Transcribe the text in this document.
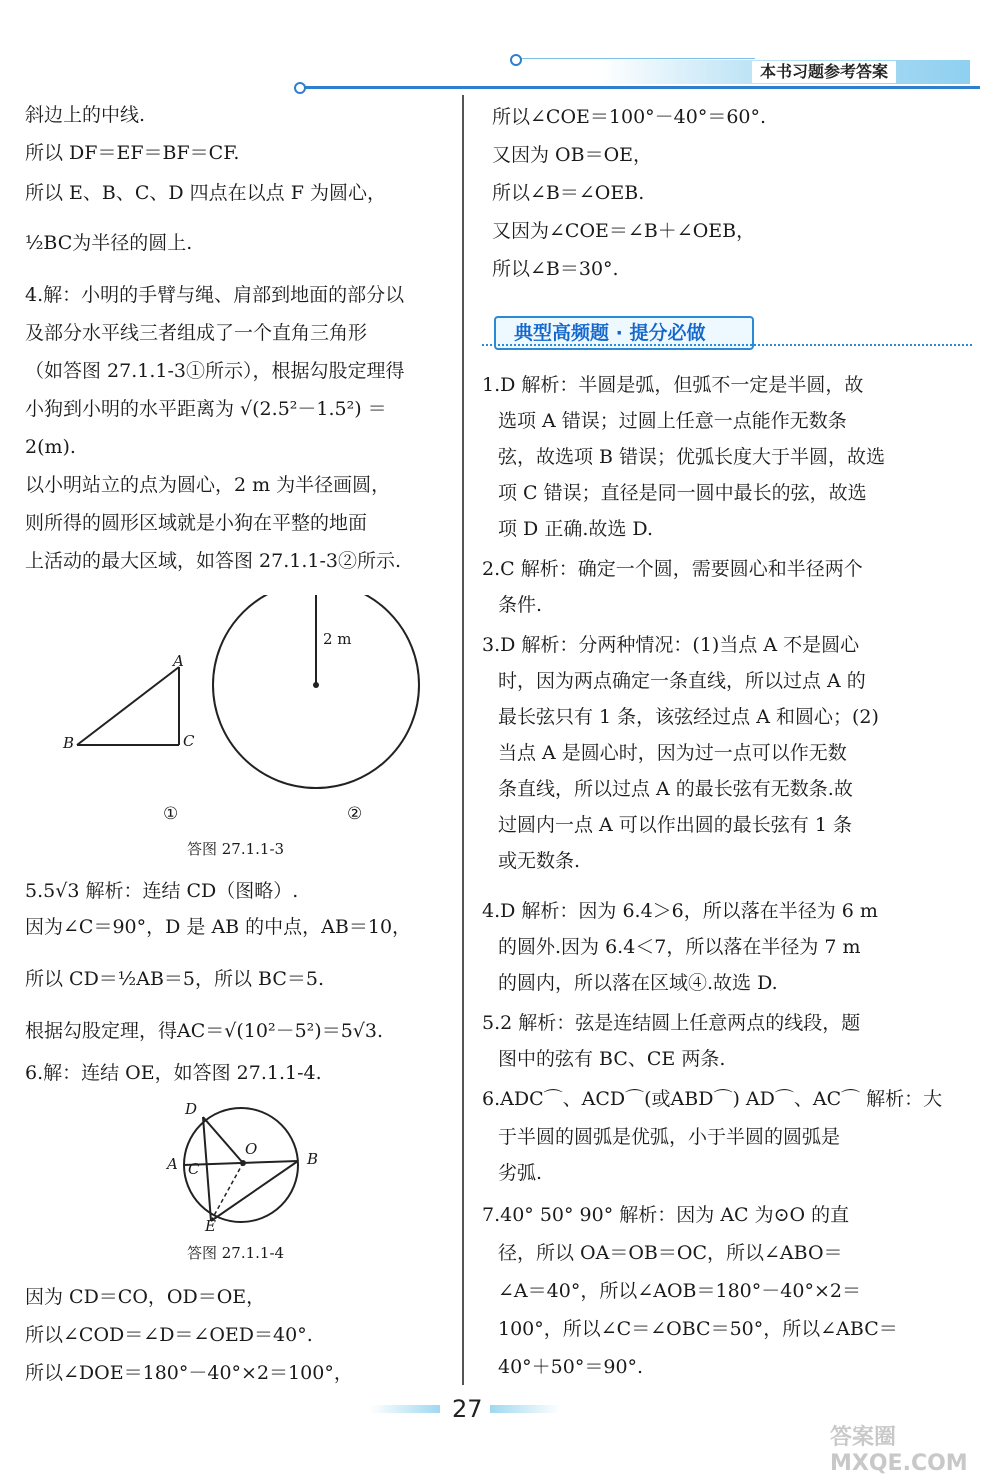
本书习题参考答案
斜边上的中线.
所以 DF＝EF＝BF＝CF.
所以 E、B、C、D 四点在以点 F 为圆心，
½BC为半径的圆上.
4.解：小明的手臂与绳、肩部到地面的部分以
及部分水平线三者组成了一个直角三角形
（如答图 27.1.1-3①所示），根据勾股定理得
小狗到小明的水平距离为 √(2.5²－1.5²) ＝
2(m).
以小明站立的点为圆心，2 m 为半径画圆，
则所得的圆形区域就是小狗在平整的地面
上活动的最大区域，如答图 27.1.1-3②所示.
A
B	C
2 m
①	②
答图 27.1.1-3
5.5√3 解析：连结 CD（图略）.
因为∠C＝90°，D 是 AB 的中点，AB＝10，
所以 CD＝½AB＝5，所以 BC＝5.
根据勾股定理，得AC＝√(10²－5²)＝5√3.
6.解：连结 OE，如答图 27.1.1-4.
D
O
A C
B
E
答图 27.1.1-4
因为 CD＝CO，OD＝OE，
所以∠COD＝∠D＝∠OED＝40°.
所以∠DOE＝180°－40°×2＝100°，
所以∠COE＝100°－40°＝60°.
又因为 OB＝OE，
所以∠B＝∠OEB.
又因为∠COE＝∠B＋∠OEB，
所以∠B＝30°.
典型高频题 · 提分必做
1.D 解析：半圆是弧，但弧不一定是半圆，故
选项 A 错误；过圆上任意一点能作无数条
弦，故选项 B 错误；优弧长度大于半圆，故选
项 C 错误；直径是同一圆中最长的弦，故选
项 D 正确.故选 D.
2.C 解析：确定一个圆，需要圆心和半径两个
条件.
3.D 解析：分两种情况：(1)当点 A 不是圆心
时，因为两点确定一条直线，所以过点 A 的
最长弦只有 1 条，该弦经过点 A 和圆心；(2)
当点 A 是圆心时，因为过一点可以作无数
条直线，所以过点 A 的最长弦有无数条.故
过圆内一点 A 可以作出圆的最长弦有 1 条
或无数条.
4.D 解析：因为 6.4＞6，所以落在半径为 6 m
的圆外.因为 6.4＜7，所以落在半径为 7 m
的圆内，所以落在区域④.故选 D.
5.2 解析：弦是连结圆上任意两点的线段，题
图中的弦有 BC、CE 两条.
6.ADC⌒、ACD⌒(或ABD⌒) AD⌒、AC⌒ 解析：大
于半圆的圆弧是优弧，小于半圆的圆弧是
劣弧.
7.40° 50° 90° 解析：因为 AC 为⊙O 的直
径，所以 OA＝OB＝OC，所以∠ABO＝
∠A＝40°，所以∠AOB＝180°－40°×2＝
100°，所以∠C＝∠OBC＝50°，所以∠ABC＝
40°＋50°＝90°.
27
答案圈 MXQE.COM
